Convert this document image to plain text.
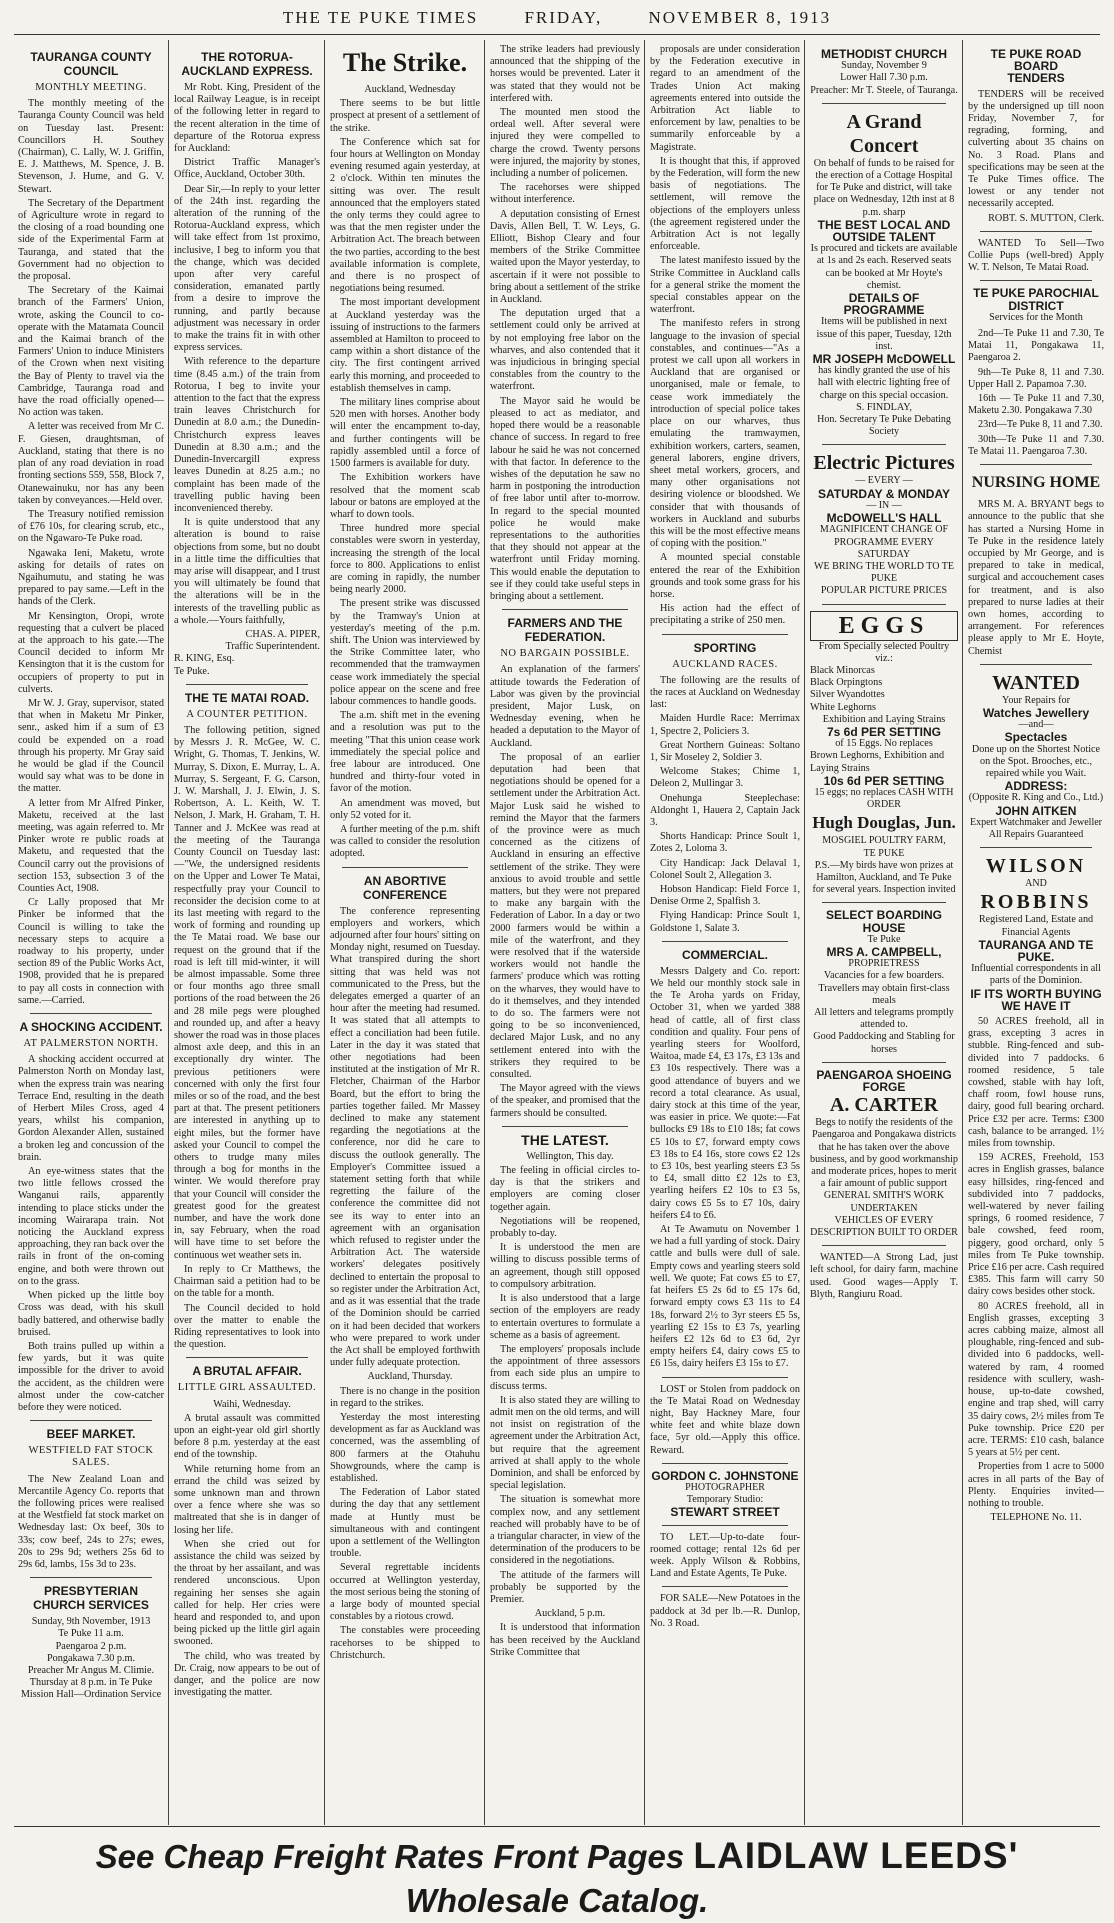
THE TE PUKE TIMES	FRIDAY,	NOVEMBER 8, 1913
TAURANGA COUNTY COUNCIL
MONTHLY MEETING.

The monthly meeting of the Tauranga County Council was held on Tuesday last. Present: Councillors H. Southey (Chairman), C. Lally, W. J. Griffin, E. J. Matthews, M. Spence, J. B. Stevenson, J. Hume, and G. V. Stewart.

The Secretary of the Department of Agriculture wrote in regard to the closing of a road bounding one side of the Experimental Farm at Tauranga, and stated that the Government had no objection to the proposal.

The Secretary of the Kaimai branch of the Farmers' Union, wrote, asking the Council to co-operate with the Matamata Council and the Kaimai branch of the Farmers' Union to induce Ministers of the Crown when next visiting the Bay of Plenty to travel via the Cambridge, Tauranga road and have the road officially opened—No action was taken.

A letter was received from Mr C. F. Giesen, draughtsman, of Auckland, stating that there is no plan of any road deviation in road fronting sections 559, 558, Block 7, Otanewainuku, nor has any been taken by conveyances.—Held over.

The Treasury notified remission of £76 10s, for clearing scrub, etc., on the Ngawaro-Te Puke road.

Ngawaka Ieni, Maketu, wrote asking for details of rates on Ngaihumutu, and stating he was prepared to pay same.—Left in the hands of the Clerk.

Mr Kensington, Oropi, wrote requesting that a culvert be placed at the approach to his gate.—The Council decided to inform Mr Kensington that it is the custom for occupiers of property to put in culverts.

Mr W. J. Gray, supervisor, stated that when in Maketu Mr Pinker, senr., asked him if a sum of £3 could be expended on a road through his property. Mr Gray said he would be glad if the Council would say what was to be done in the matter.

A letter from Mr Alfred Pinker, Maketu, received at the last meeting, was again referred to. Mr Pinker wrote re public roads at Maketu, and requested that the Council carry out the provisions of section 153, subsection 3 of the Counties Act, 1908.

Cr Lally proposed that Mr Pinker be informed that the Council is willing to take the necessary steps to acquire a roadway to his property, under section 89 of the Public Works Act, 1908, provided that he is prepared to pay all costs in connection with same.—Carried.

A SHOCKING ACCIDENT.
AT PALMERSTON NORTH.

A shocking accident occurred at Palmerston North on Monday last, when the express train was nearing Terrace End, resulting in the death of Herbert Miles Cross, aged 4 years, whilst his companion, Gordon Alexander Allen, sustained a broken leg and concussion of the brain.

An eye-witness states that the two little fellows crossed the Wanganui rails, apparently intending to place sticks under the incoming Wairarapa train. Not noticing the Auckland express approaching, they ran back over the rails in front of the on-coming engine, and both were thrown out on to the grass.

When picked up the little boy Cross was dead, with his skull badly battered, and otherwise badly bruised.

Both trains pulled up within a few yards, but it was quite impossible for the driver to avoid the accident, as the children were almost under the cow-catcher before they were noticed.

BEEF MARKET.
WESTFIELD FAT STOCK SALES.

The New Zealand Loan and Mercantile Agency Co. reports that the following prices were realised at the Westfield fat stock market on Wednesday last: Ox beef, 30s to 33s; cow beef, 24s to 27s; ewes, 20s to 29s 9d; wethers 25s 6d to 29s 6d, lambs, 15s 3d to 23s.

PRESBYTERIAN CHURCH SERVICES
Sunday, 9th November, 1913
Te Puke 11 a.m.
Paengaroa 2 p.m.
Pongakawa 7.30 p.m.
Preacher Mr Angus M. Climie.
Thursday at 8 p.m. in Te Puke Mission Hall—Ordination Service
THE ROTORUA-AUCKLAND EXPRESS.

Mr Robt. King, President of the local Railway League, is in receipt of the following letter in regard to the recent alteration in the time of departure of the Rotorua express for Auckland:

District Traffic Manager's Office, Auckland, October 30th.

Dear Sir,—In reply to your letter of the 24th inst. regarding the alteration of the running of the Rotorua-Auckland express, which will take effect from 1st proximo, inclusive, I beg to inform you that the change, which was decided upon after very careful consideration, emanated partly from a desire to improve the running, and partly because adjustment was necessary in order to make the trains fit in with other express services.

With reference to the departure time (8.45 a.m.) of the train from Rotorua, I beg to invite your attention to the fact that the express train leaves Christchurch for Dunedin at 8.0 a.m.; the Dunedin-Christchurch express leaves Dunedin at 8.30 a.m.; and the Dunedin-Invercargill express leaves Dunedin at 8.25 a.m.; no complaint has been made of the travelling public having been inconvenienced thereby.

It is quite understood that any alteration is bound to raise objections from some, but no doubt in a little time the difficulties that may arise will disappear, and I trust you will ultimately be found that the alterations will be in the interests of the travelling public as a whole.—Yours faithfully,

CHAS. A. PIPER,
Traffic Superintendent.
R. KING, Esq.
Te Puke.
THE TE MATAI ROAD.
A COUNTER PETITION.

The following petition, signed by Messrs J. R. McGee, W. C. Wright, G. Thomas, T. Jenkins, W. Murray, S. Dixon, E. Murray, L. A. Murray, S. Sergeant, F. G. Carson, J. W. Marshall, J. J. Elwin, J. S. Robertson, A. L. Keith, W. T. Nelson, J. Mark, H. Graham, T. H. Tanner and J. McKee was read at the meeting of the Tauranga County Council on Tuesday last:—"We, the undersigned residents on the Upper and Lower Te Matai, respectfully pray your Council to reconsider the decision come to at its last meeting with regard to the work of forming and rounding up the Te Matai road. We base our request on the ground that if the road is left till mid-winter, it will be almost impassable. Some three or four months ago three small portions of the road between the 26 and 28 mile pegs were ploughed and rounded up, and after a heavy shower the road was in those places almost axle deep, and this in an exceptionally dry winter. The previous petitioners were concerned with only the first four miles or so of the road, and the best part at that. The present petitioners are interested in anything up to eight miles, but the former have asked your Council to compel the others to trudge many miles through a bog for months in the winter. We would therefore pray that your Council will consider the greatest good for the greatest number, and have the work done in, say February, when the road will have time to set before the continuous wet weather sets in.

In reply to Cr Matthews, the Chairman said a petition had to be on the table for a month.

The Council decided to hold over the matter to enable the Riding representatives to look into the question.

A BRUTAL AFFAIR.
LITTLE GIRL ASSAULTED.

Waihi, Wednesday.

A brutal assault was committed upon an eight-year old girl shortly before 8 p.m. yesterday at the east end of the township.

While returning home from an errand the child was seized by some unknown man and thrown over a fence where she was so maltreated that she is in danger of losing her life.

When she cried out for assistance the child was seized by the throat by her assailant, and was rendered unconscious. Upon regaining her senses she again called for help. Her cries were heard and responded to, and upon being picked up the little girl again swooned.

The child, who was treated by Dr. Craig, now appears to be out of danger, and the police are now investigating the matter.

The Strike.

Auckland, Wednesday

There seems to be but little prospect at present of a settlement of the strike.

The Conference which sat for four hours at Wellington on Monday evening resumed again yesterday, at 2 o'clock. Within ten minutes the sitting was over. The result announced that the employers stated the only terms they could agree to was that the men register under the Arbitration Act. The breach between the two parties, according to the best available information is complete, and there is no prospect of negotiations being resumed.

The most important development at Auckland yesterday was the issuing of instructions to the farmers assembled at Hamilton to proceed to camp within a short distance of the city. The first contingent arrived early this morning, and proceeded to establish themselves in camp.

The military lines comprise about 520 men with horses. Another body will enter the encampment to-day, and further contingents will be rapidly assembled until a force of 1500 farmers is available for duty.

The Exhibition workers have resolved that the moment scab labour or batons are employed at the wharf to down tools.

Three hundred more special constables were sworn in yesterday, increasing the strength of the local force to 800. Applications to enlist are coming in rapidly, the number being nearly 2000.

The present strike was discussed by the Tramway's Union at yesterday's meeting of the p.m. shift. The Union was interviewed by the Strike Committee later, who recommended that the tramwaymen cease work immediately the special police appear on the scene and free labour commences to handle goods.

The a.m. shift met in the evening and a resolution was put to the meeting "That this union cease work immediately the special police and free labour are introduced. One hundred and thirty-four voted in favor of the motion.

An amendment was moved, but only 52 voted for it.

A further meeting of the p.m. shift was called to consider the resolution adopted.

AN ABORTIVE CONFERENCE

The conference representing employers and workers, which adjourned after four hours' sitting on Monday night, resumed on Tuesday. What transpired during the short sitting that was held was not communicated to the Press, but the delegates emerged a quarter of an hour after the meeting had resumed. It was stated that all attempts to effect a conciliation had been futile. Later in the day it was stated that other negotiations had been instituted at the instigation of Mr R. Fletcher, Chairman of the Harbor Board, but the effort to bring the parties together failed. Mr Massey declined to make any statement regarding the negotiations at the conference, nor did he care to discuss the outlook generally. The Employer's Committee issued a statement setting forth that while regretting the failure of the conference the committee did not see its way to enter into an agreement with an organisation which refused to register under the Arbitration Act. The waterside workers' delegates positively declined to entertain the proposal to so register under the Arbitration Act, and as it was essential that the trade of the Dominion should be carried on it had been decided that workers who were prepared to work under the Act shall be employed forthwith under fully adequate protection.

Auckland, Thursday.

There is no change in the position in regard to the strikes.

Yesterday the most interesting development as far as Auckland was concerned, was the assembling of 800 farmers at the Otahuhu Showgrounds, where the camp is established.

The Federation of Labor stated during the day that any settlement made at Huntly must be simultaneous with and contingent upon a settlement of the Wellington trouble.

Several regrettable incidents occurred at Wellington yesterday, the most serious being the stoning of a large body of mounted special constables by a riotous crowd.

The constables were proceeding racehorses to be shipped to Christchurch.

The strike leaders had previously announced that the shipping of the horses would be prevented. Later it was stated that they would not be interfered with.

The mounted men stood the ordeal well. After several were injured they were compelled to charge the crowd. Twenty persons were injured, the majority by stones, including a number of policemen.

The racehorses were shipped without interference.

A deputation consisting of Ernest Davis, Allen Bell, T. W. Leys, G. Elliott, Bishop Cleary and four members of the Strike Committee waited upon the Mayor yesterday, to ascertain if it were not possible to bring about a settlement of the strike in Auckland.

The deputation urged that a settlement could only be arrived at by not employing free labor on the wharves, and also contended that it was injudicious in bringing special constables from the country to the waterfront.

The Mayor said he would be pleased to act as mediator, and hoped there would be a reasonable chance of success. In regard to free labour he said he was not concerned with that factor. In deference to the wishes of the deputation he saw no harm in postponing the introduction of free labor until after to-morrow. In regard to the special mounted police he would make representations to the authorities that they should not appear at the waterfront until Friday morning. This would enable the deputation to see if they could take useful steps in bringing about a settlement.

FARMERS AND THE FEDERATION.
NO BARGAIN POSSIBLE.

An explanation of the farmers' attitude towards the Federation of Labor was given by the provincial president, Major Lusk, on Wednesday evening, when he headed a deputation to the Mayor of Auckland.

The proposal of an earlier deputation had been that negotiations should be opened for a settlement under the Arbitration Act. Major Lusk said he wished to remind the Mayor that the farmers of the province were as much concerned as the citizens of Auckland in ensuring an effective settlement of the strike. They were anxious to avoid trouble and settle matters, but they were not prepared to make any bargain with the Federation of Labor. In a day or two 2000 farmers would be within a mile of the waterfront, and they were resolved that if the waterside workers would not handle the farmers' produce which was rotting on the wharves, they would have to do it themselves, and they intended to do so. The farmers were not going to be so inconvenienced, declared Major Lusk, and no any settlement entered into with the strikers they required to be consulted.

The Mayor agreed with the views of the speaker, and promised that the farmers should be consulted.

THE LATEST.

Wellington, This day.

The feeling in official circles to-day is that the strikers and employers are coming closer together again.

Negotiations will be reopened, probably to-day.

It is understood the men are willing to discuss possible terms of an agreement, though still opposed to compulsory arbitration.

It is also understood that a large section of the employers are ready to entertain overtures to formulate a scheme as a basis of agreement.

The employers' proposals include the appointment of three assessors from each side plus an umpire to discuss terms.

It is also stated they are willing to admit men on the old terms, and will not insist on registration of the agreement under the Arbitration Act, but require that the agreement arrived at shall apply to the whole Dominion, and shall be enforced by special legislation.

The situation is somewhat more complex now, and any settlement reached will probably have to be of a triangular character, in view of the determination of the producers to be considered in the negotiations.

The attitude of the farmers will probably be supported by the Premier.

Auckland, 5 p.m.

It is understood that information has been received by the Auckland Strike Committee that

proposals are under consideration by the Federation executive in regard to an amendment of the Trades Union Act making agreements entered into outside the Arbitration Act liable to enforcement by law, penalties to be summarily enforceable by a Magistrate.

It is thought that this, if approved by the Federation, will form the new basis of negotiations. The settlement, will remove the objections of the employers unless (the agreement registered under the Arbitration Act is not legally enforceable.

The latest manifesto issued by the Strike Committee in Auckland calls for a general strike the moment the special constables appear on the waterfront.

The manifesto refers in strong language to the invasion of special constables, and continues—"As a protest we call upon all workers in Auckland that are organised or unorganised, male or female, to cease work immediately the introduction of special police takes place on our wharves, thus emulating the tramwaymen, exhibition workers, carters, seamen, general laborers, engine drivers, sheet metal workers, grocers, and many other organisations not desiring violence or bloodshed. We consider that with thousands of workers in Auckland and suburbs this will be the most effective means of coping with the position."

A mounted special constable entered the rear of the Exhibition grounds and took some grass for his horse.

His action had the effect of precipitating a strike of 250 men.

SPORTING
AUCKLAND RACES.

The following are the results of the races at Auckland on Wednesday last:

Maiden Hurdle Race: Merrimax 1, Spectre 2, Policiers 3.

Great Northern Guineas: Soltano 1, Sir Moseley 2, Soldier 3.

Welcome Stakes; Chime 1, Deleon 2, Mullingar 3.

Onehunga Steeplechase: Aldonght 1, Hauera 2, Captain Jack 3.

Shorts Handicap: Prince Soult 1, Zotes 2, Loloma 3.

City Handicap: Jack Delaval 1, Colonel Soult 2, Allegation 3.

Hobson Handicap: Field Force 1, Denise Orme 2, Spalfish 3.

Flying Handicap: Prince Soult 1, Goldstone 1, Salate 3.

COMMERCIAL.

Messrs Dalgety and Co. report: We held our monthly stock sale in the Te Aroha yards on Friday, October 31, when we yarded 388 head of cattle, all of first class condition and quality. Four pens of yearling steers for Woolford, Waitoa, made £4, £3 17s, £3 13s and £3 10s respectively. There was a good attendance of buyers and we record a total clearance. As usual, dairy stock at this time of the year, was easier in price. We quote:—Fat bullocks £9 18s to £10 18s; fat cows £5 10s to £7, forward empty cows £3 18s to £4 16s, store cows £2 12s to £3 10s, best yearling steers £3 5s to £4, small ditto £2 12s to £3, yearling heifers £2 10s to £3 5s, dairy cows £5 5s to £7 10s, dairy heifers £4 to £6.

At Te Awamutu on November 1 we had a full yarding of stock. Dairy cattle and bulls were dull of sale. Empty cows and yearling steers sold well. We quote; Fat cows £5 to £7, fat heifers £5 2s 6d to £5 17s 6d, forward empty cows £3 11s to £4 18s, forward 2½ to 3yr steers £5 5s, yearling £2 15s to £3 7s, yearling heifers £2 12s 6d to £3 6d, 2yr empty heifers £4, dairy cows £5 to £6 15s, dairy heifers £3 15s to £7.

LOST or Stolen from paddock on the Te Matai Road on Wednesday night, Bay Hackney Mare, four white feet and white blaze down face, 5yr old.—Apply this office. Reward.

GORDON C. JOHNSTONE
PHOTOGRAPHER
Temporary Studio:
STEWART STREET

TO LET.—Up-to-date four-roomed cottage; rental 12s 6d per week. Apply Wilson & Robbins, Land and Estate Agents, Te Puke.

FOR SALE—New Potatoes in the paddock at 3d per lb.—R. Dunlop, No. 3 Road.

METHODIST CHURCH
Sunday, November 9
Lower Hall 7.30 p.m.
Preacher: Mr T. Steele, of Tauranga.
A Grand Concert
On behalf of funds to be raised for the erection of a Cottage Hospital for Te Puke and district, will take place on Wednesday, 12th inst at 8 p.m. sharp
THE BEST LOCAL AND OUTSIDE TALENT
Is procured and tickets are available at 1s and 2s each. Reserved seats can be booked at Mr Hoyte's chemist.
DETAILS OF PROGRAMME
Items will be published in next issue of this paper, Tuesday, 12th inst.
MR JOSEPH McDOWELL
has kindly granted the use of his hall with electric lighting free of charge on this special occasion.
S. FINDLAY,
Hon. Secretary Te Puke Debating Society
Electric Pictures
— EVERY —
SATURDAY & MONDAY
— IN —
McDOWELL'S HALL
MAGNIFICENT CHANGE OF PROGRAMME EVERY SATURDAY
WE BRING THE WORLD TO TE PUKE
POPULAR PICTURE PRICES
EGGS
From Specially selected Poultry viz.:
Black Minorcas
Black Orpingtons
Silver Wyandottes
White Leghorns
Exhibition and Laying Strains
7s 6d PER SETTING
of 15 Eggs. No replaces
Brown Leghorns, Exhibition and Laying Strains
10s 6d PER SETTING
15 eggs; no replaces CASH WITH ORDER
Hugh Douglas, Jun.
MOSGIEL POULTRY FARM,
TE PUKE
P.S.—My birds have won prizes at Hamilton, Auckland, and Te Puke for several years. Inspection invited
SELECT BOARDING HOUSE
Te Puke
MRS A. CAMPBELL,
PROPRIETRESS
Vacancies for a few boarders.
Travellers may obtain first-class meals
All letters and telegrams promptly attended to.
Good Paddocking and Stabling for horses
PAENGAROA SHOEING FORGE
A. CARTER
Begs to notify the residents of the Paengaroa and Pongakawa districts that he has taken over the above business, and by good workmanship and moderate prices, hopes to merit a fair amount of public support
GENERAL SMITH'S WORK UNDERTAKEN
VEHICLES OF EVERY DESCRIPTION BUILT TO ORDER

WANTED—A Strong Lad, just left school, for dairy farm, machine used. Good wages—Apply T. Blyth, Rangiuru Road.

TE PUKE ROAD BOARD
TENDERS

TENDERS will be received by the undersigned up till noon Friday, November 7, for regrading, forming, and culverting about 35 chains on No. 3 Road. Plans and specifications may be seen at the Te Puke Times office. The lowest or any tender not necessarily accepted.

ROBT. S. MUTTON, Clerk.

WANTED To Sell—Two Collie Pups (well-bred) Apply W. T. Nelson, Te Matai Road.

TE PUKE PAROCHIAL DISTRICT
Services for the Month

2nd—Te Puke 11 and 7.30, Te Matai 11, Pongakawa 11, Paengaroa 2.

9th—Te Puke 8, 11 and 7.30. Upper Hall 2. Papamoa 7.30.

16th — Te Puke 11 and 7.30, Maketu 2.30. Pongakawa 7.30

23rd—Te Puke 8, 11 and 7.30.

30th—Te Puke 11 and 7.30. Te Matai 11. Paengaroa 7.30.

NURSING HOME

MRS M. A. BRYANT begs to announce to the public that she has started a Nursing Home in Te Puke in the residence lately occupied by Mr George, and is prepared to take in medical, surgical and accouchement cases for treatment, and is also prepared to nurse ladies at their own homes, according to arrangement. For references please apply to Mr E. Hoyte, Chemist

WANTED
Your Repairs for
Watches Jewellery
—and—
Spectacles
Done up on the Shortest Notice on the Spot. Brooches, etc., repaired while you Wait.
ADDRESS:
(Opposite R. King and Co., Ltd.)
JOHN AITKEN
Expert Watchmaker and Jeweller
All Repairs Guaranteed
WILSON
AND
ROBBINS
Registered Land, Estate and Financial Agents
TAURANGA AND TE PUKE.
Influential correspondents in all parts of the Dominion.
IF ITS WORTH BUYING WE HAVE IT

50 ACRES freehold, all in grass, excepting 3 acres in stubble. Ring-fenced and sub-divided into 7 paddocks. 6 roomed residence, 5 tale cowshed, stable with hay loft, chaff room, fowl house runs, dairy, good full bearing orchard. Price £32 per acre. Terms: £300 cash, balance to be arranged. 1½ miles from township.

159 ACRES, Freehold, 153 acres in English grasses, balance easy hillsides, ring-fenced and subdivided into 7 paddocks, well-watered by never failing springs, 6 roomed residence, 7 bale cowshed, feed room, piggery, good orchard, only 5 miles from Te Puke township. Price £16 per acre. Cash required £385. This farm will carry 50 dairy cows besides other stock.

80 ACRES freehold, all in English grasses, excepting 3 acres cabbing maize, almost all ploughable, ring-fenced and sub-divided into 6 paddocks, well-watered by ram, 4 roomed residence with scullery, wash-house, up-to-date cowshed, engine and trap shed, will carry 35 dairy cows, 2½ miles from Te Puke township. Price £20 per acre. TERMS: £10 cash, balance 5 years at 5½ per cent.

Properties from 1 acre to 5000 acres in all parts of the Bay of Plenty. Enquiries invited—nothing to trouble.

TELEPHONE No. 11.
See Cheap Freight Rates Front Pages LAIDLAW LEEDS' Wholesale Catalog.
